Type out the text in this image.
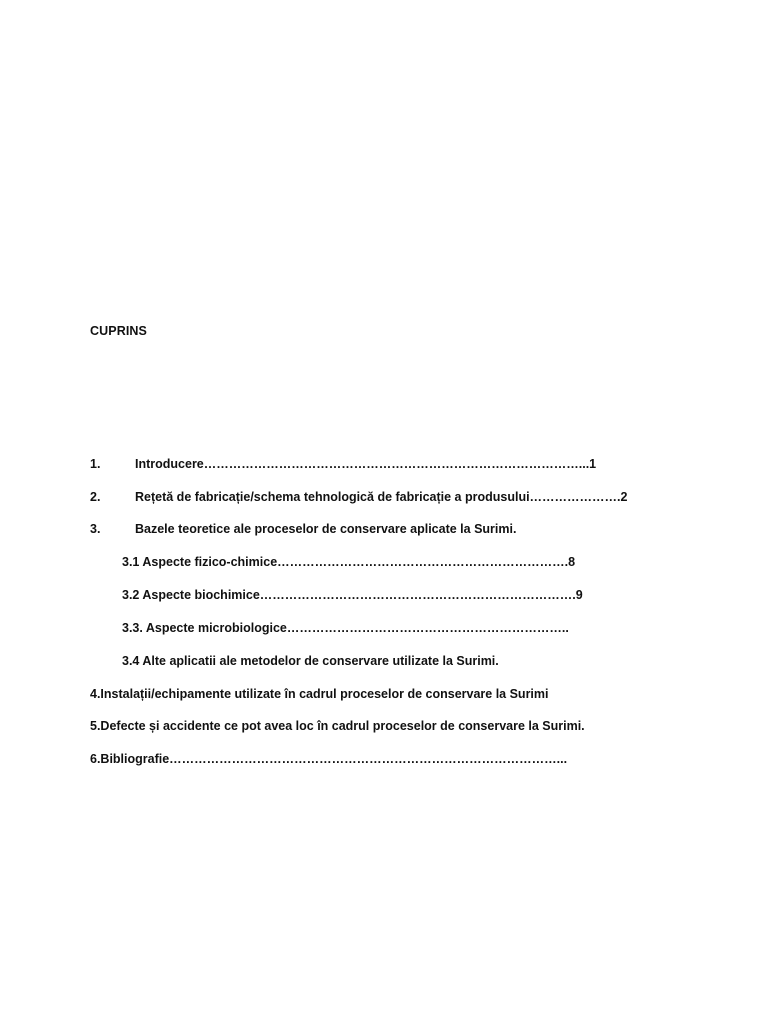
CUPRINS
1.	Introducere………………………………………………………………………………...1
2.	Rețetă de fabricație/schema tehnologică de fabricație a produsului………………….2
3.	Bazele teoretice ale proceselor de conservare aplicate la Surimi.
3.1 Aspecte fizico-chimice…………………………………………………………….8
3.2 Aspecte biochimice………………………………………………………………….9
3.3. Aspecte microbiologice…………………………………………………………..
3.4 Alte aplicatii ale metodelor de conservare utilizate la Surimi.
4.Instalații/echipamente utilizate în cadrul proceselor de conservare la Surimi
5.Defecte și accidente ce pot avea loc în cadrul proceselor de conservare la Surimi.
6.Bibliografie…………………………………………………………………………………...
